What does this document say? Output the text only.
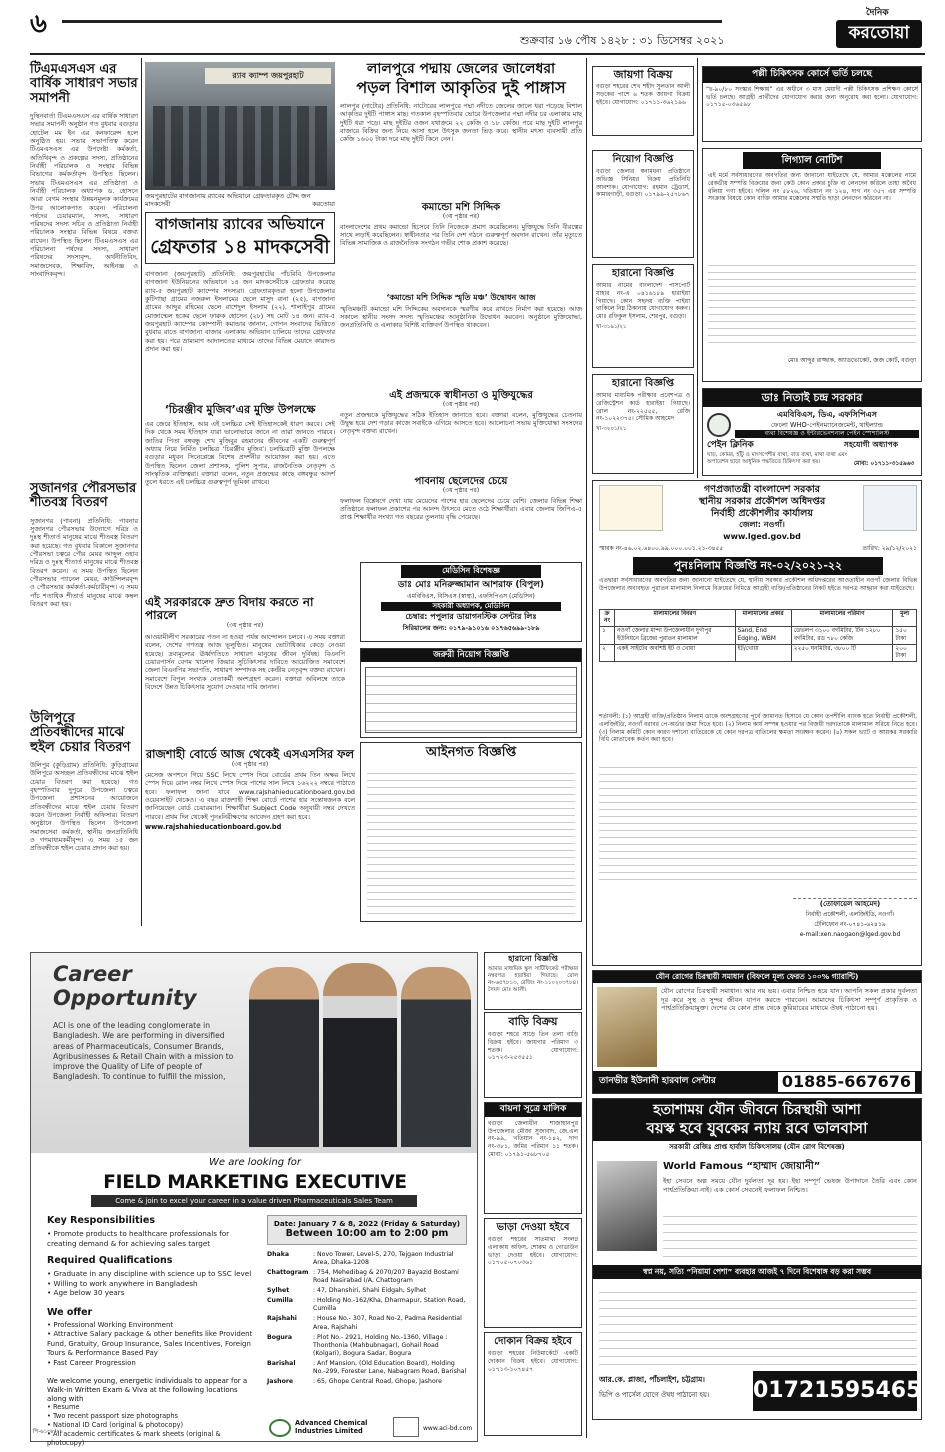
৬
শুক্রবার ১৬ পৌষ ১৪২৮ : ৩১ ডিসেম্বর ২০২১
দৈনিক
করতোয়া
টিএমএসএস এর বার্ষিক সাধারণ সভার সমাপনী
দুস্থিনবার্তা টিএমএসএস এর বার্ষিক সাধারণ সভার সমাপনী অনুষ্ঠান গত বুধবার বগুড়ার হোটেল মম ইন এর কনফারেন্স হলে অনুষ্ঠিত হয়। সভার সভাপতিত্ব করেন টিএমএসএস এর উপদেষ্টা কর্মকর্তা, অতিথিবৃন্দ ও প্রকল্পের সদস্য, প্রতিষ্ঠানের নির্বাহী পরিচালক ও সংস্থার বিভিন্ন বিভাগের কর্মকর্তাবৃন্দ উপস্থিত ছিলেন। সভায় টিএমএসএস এর প্রতিষ্ঠাতা ও নির্বাহী পরিচালক অধ্যাপক ড. হোসনে আরা বেগম সংস্থার উন্নয়নমূলক কার্যক্রমের উপর আলোকপাত করেন। পরিচালনা পর্ষদের চেয়ারম্যান, সদস্য, সাধারণ পরিষদের সদস্য সচিব ও প্রতিষ্ঠাতা নির্বাহী পরিচালক সংস্থার বিভিন্ন বিষয়ে বক্তব্য রাখেন। উপস্থিত ছিলেন টিএমএসএস এর পরিচালনা পর্ষদের সদস্য, সাধারণ পরিষদের সদস্যবৃন্দ, অর্থনীতিবিদ, সমাজসেবক, শিক্ষাবিদ, আইনজ্ঞ ও সাংবাদিকবৃন্দ।
সুজানগর পৌরসভার শীতবস্ত্র বিতরণ
সুজানগর (পাবনা) প্রতিনিধি: পাবনার সুজানগর পৌরসভার উদ্যোগে দরিদ্র ও দুঃস্থ শীতার্ত মানুষের মাঝে শীতবস্ত্র বিতরণ করা হয়েছে। গত বুধবার বিকালে সুজানগর পৌরসভা চত্বরে পৌর মেয়র আব্দুল ওহাব দরিদ্র ও দুঃস্থ শীতার্ত মানুষের মাঝে শীতবস্ত্র বিতরণ করেন। এ সময় উপস্থিত ছিলেন পৌরসভার প্যানেল মেয়র, কাউন্সিলরবৃন্দ ও পৌরসভার কর্মকর্তা-কর্মচারীবৃন্দ। এ সময় পাঁচ শতাধিক শীতার্ত মানুষের মাঝে কম্বল বিতরণ করা হয়।
উলিপুরে প্রতিবন্ধীদের মাঝে হুইল চেয়ার বিতরণ
উলিপুর (কুড়িগ্রাম) প্রতিনিধি: কুড়িগ্রামের উলিপুরে অসচ্ছল প্রতিবন্ধীদের মাঝে হুইল চেয়ার বিতরণ করা হয়েছে। গত বৃহস্পতিবার দুপুরে উপজেলা চত্বরে উপজেলা প্রশাসনের আয়োজনে প্রতিবন্ধীদের মাঝে হুইল চেয়ার বিতরণ করেন উপজেলা নির্বাহী অফিসার। বিতরণ অনুষ্ঠানে উপস্থিত ছিলেন উপজেলা সমাজসেবা কর্মকর্তা, স্থানীয় জনপ্রতিনিধি ও গণমাধ্যমকর্মীবৃন্দ। এ সময় ১৫ জন প্রতিবন্ধীকে হুইল চেয়ার প্রদান করা হয়।
র‌্যাব ক্যাম্প জয়পুরহাট
জয়পুরহাটের বাগজানায় র‌্যাবের অভিযানে গ্রেফতারকৃত চৌদ্দ জন মাদকসেবী	করতোয়া
বাগজানায় র‌্যাবের অভিযানে
গ্রেফতার ১৪ মাদকসেবী
বাগজানা (জয়পুরহাট) প্রতিনিধি: জয়পুরহাটের পাঁচবিবি উপজেলার বাগজানা ইউনিয়নের অভিযানে ১৪ জন মাদকসেবীকে গ্রেফতার করেছে র‌্যাব-৫ জয়পুরহাট ক্যাম্পের সদস্যরা। গ্রেফতারকৃতরা হলো উপজেলার কুটিগাছা গ্রামের নজরুল ইসলামের ছেলে মাসুদ রানা (২৫), বাগজানা গ্রামের আব্দুর রহিমের ছেলে রাশেদুল ইসলাম (২২), শালাইপুর গ্রামের মোজাম্মেল হকের ছেলে ফারুক হোসেন (২৮) সহ মোট ১৪ জন। র‌্যাব-৫ জয়পুরহাট ক্যাম্পের কোম্পানী কমান্ডার জানান, গোপন সংবাদের ভিত্তিতে বুধবার রাতে বাগজানা বাজার এলাকায় অভিযান চালিয়ে তাদের গ্রেফতার করা হয়। পরে ভ্রাম্যমাণ আদালতের মাধ্যমে তাদের বিভিন্ন মেয়াদে কারাদণ্ড প্রদান করা হয়।
‘চিরঞ্জীব মুজিব’এর মুক্তি উপলক্ষে
এর জেরে ইতিহাস, আর এই চলচ্চিত্র সেই ইতিহাসকেই ধারণ করবে। সেই দিক থেকে সময় ইতিহাস যারা ভালোভাবে জানে না তারা জানতে পারবে। জাতির পিতা বঙ্গবন্ধু শেখ মুজিবুর রহমানের জীবনের একটি গুরুত্বপূর্ণ অধ্যায় নিয়ে নির্মিত চলচ্চিত্র ‘চিরঞ্জীব মুজিব’। চলচ্চিত্রটি মুক্তি উপলক্ষে বগুড়ার মধুবন সিনেপ্লেক্সে বিশেষ প্রদর্শনীর আয়োজন করা হয়। এতে উপস্থিত ছিলেন জেলা প্রশাসক, পুলিশ সুপার, রাজনৈতিক নেতৃবৃন্দ ও সাংস্কৃতিক ব্যক্তিত্বরা। বক্তারা বলেন, নতুন প্রজন্মের কাছে বঙ্গবন্ধুর আদর্শ তুলে ধরতে এই চলচ্চিত্র গুরুত্বপূর্ণ ভূমিকা রাখবে।
এই সরকারকে দ্রুত বিদায় করতে না পারলে
(৩য় পৃষ্ঠার পর)
আওয়ামীলীগ সরকারের পতন না হওয়া পর্যন্ত আন্দোলন চলবে। এ সময় বক্তারা বলেন, দেশের গণতন্ত্র আজ ভূলুণ্ঠিত। মানুষের ভোটাধিকার কেড়ে নেওয়া হয়েছে। দ্রব্যমূল্যের ঊর্ধ্বগতিতে সাধারণ মানুষের জীবন দুর্বিষহ। বিএনপি চেয়ারপার্সন বেগম খালেদা জিয়ার সুচিকিৎসার দাবিতে আয়োজিত সমাবেশে জেলা বিএনপির সভাপতি, সাধারণ সম্পাদক সহ কেন্দ্রীয় নেতৃবৃন্দ বক্তব্য রাখেন। সমাবেশে বিপুল সংখ্যক নেতাকর্মী অংশগ্রহণ করেন। বক্তারা অবিলম্বে তাকে বিদেশে উন্নত চিকিৎসার সুযোগ দেওয়ার দাবি জানান।
রাজশাহী বোর্ডে আজ থেকেই এসএসসির ফল
(৩য় পৃষ্ঠার পর)
মেসেজ অপশনে গিয়ে SSC লিখে স্পেস দিয়ে বোর্ডের প্রথম তিন অক্ষর লিখে স্পেস দিয়ে রোল নম্বর লিখে স্পেস দিয়ে পাশের সাল লিখে ১৬২২২ নম্বরে পাঠাতে হবে। ফলাফল জানা যাবে www.rajshahieducationboard.gov.bd ওয়েবসাইট থেকেও। এ বছর রাজশাহী শিক্ষা বোর্ডে পাশের হার সন্তোষজনক বলে জানিয়েছেন বোর্ড চেয়ারম্যান। শিক্ষার্থীরা Subject Code অনুযায়ী নম্বর দেখতে পারবে। প্রথম দিন থেকেই পুনঃনিরীক্ষণের আবেদন গ্রহণ করা হবে।
www.rajshahieducationboard.gov.bd
লালপুরে পদ্মায় জেলের জালেধরা
পড়ল বিশাল আকৃতির দুই পাঙ্গাস
লালপুর (নাটোর) প্রতিনিধি: নাটোরের লালপুরে পদ্মা নদীতে জেলের জালে ধরা পড়েছে বিশাল আকৃতির দুইটি পাঙ্গাস মাছ। গতকাল বৃহস্পতিবার ভোরে উপজেলার পদ্মা নদীর চর এলাকায় মাছ দুইটি ধরা পড়ে। মাছ দুইটির ওজন যথাক্রমে ২২ কেজি ও ১৮ কেজি। পরে মাছ দুইটি লালপুর বাজারে বিক্রির জন্য নিয়ে আসা হলে উৎসুক জনতা ভিড় করে। স্থানীয় মৎস্য ব্যবসায়ী প্রতি কেজি ১৬০০ টাকা দরে মাছ দুইটি কিনে নেন।
কমান্ডো মশি সিদ্দিক
(৩য় পৃষ্ঠার পর)
বাংলাদেশের প্রথম কমান্ডো হিসেবে তিনি নিজেকে প্রমাণ করেছিলেন। মুক্তিযুদ্ধে তিনি বীরত্বের সাথে লড়াই করেছিলেন। স্বাধীনতার পর তিনি দেশ গঠনে গুরুত্বপূর্ণ অবদান রাখেন। তাঁর মৃত্যুতে বিভিন্ন সামাজিক ও রাজনৈতিক সংগঠন গভীর শোক প্রকাশ করেছে।
‘কমান্ডো মশি সিদ্দিক স্মৃতি মঞ্চ’ উদ্বোধন আজ
স্মৃতিমঞ্চটি কমান্ডো মশি সিদ্দিকের অবদানকে স্মরণীয় করে রাখতে নির্মাণ করা হয়েছে। আজ সকালে স্থানীয় সংসদ সদস্য স্মৃতিমঞ্চের আনুষ্ঠানিক উদ্বোধন করবেন। অনুষ্ঠানে মুক্তিযোদ্ধা, জনপ্রতিনিধি ও এলাকার বিশিষ্ট ব্যক্তিবর্গ উপস্থিত থাকবেন।
এই প্রজন্মকে স্বাধীনতা ও মুক্তিযুদ্ধের
(৩য় পৃষ্ঠার পর)
নতুন প্রজন্মকে মুক্তিযুদ্ধের সঠিক ইতিহাস জানাতে হবে। বক্তারা বলেন, মুক্তিযুদ্ধের চেতনায় উদ্বুদ্ধ হয়ে দেশ গড়ার কাজে সবাইকে এগিয়ে আসতে হবে। আলোচনা সভায় মুক্তিযোদ্ধা সংসদের নেতৃবৃন্দ বক্তব্য রাখেন।
পাবনায় ছেলেদের চেয়ে
(৩য় পৃষ্ঠার পর)
ফলাফল বিশ্লেষণে দেখা যায় মেয়েদের পাশের হার ছেলেদের চেয়ে বেশি। জেলার বিভিন্ন শিক্ষা প্রতিষ্ঠানে ফলাফল প্রকাশের পর আনন্দ উৎসবে মেতে ওঠে শিক্ষার্থীরা। এবার জেলায় জিপিএ-৫ প্রাপ্ত শিক্ষার্থীর সংখ্যা গত বছরের তুলনায় বৃদ্ধি পেয়েছে।
মেডিসিন বিশেষজ্ঞ
ডাঃ মোঃ মনিরুজ্জামান আশরাফ (বিপুল)
এমবিবিএস, বিসিএস (স্বাস্থ্য), এফসিপিএস (মেডিসিন)
সহকারী অধ্যাপক, মেডিসিন
চেম্বার: পপুলার ডায়াগনস্টিক সেন্টার লিঃ
সিরিয়ালের জন্য: ০১৭৯-৯১০১৬ ০১৭৬৫৬৯৯-১৮৯
জরুরী নিয়োগ বিজ্ঞপ্তি
আইনগত বিজ্ঞপ্তি
জায়গা বিক্রয়
বগুড়া শহরের শেখ শহীদ সুলতান আলী সড়কের পাশে ৬ শতক জায়গা বিক্রয় হইবে। যোগাযোগ: ০১৭১১-৩৬২১৯৬
নিয়োগ বিজ্ঞপ্তি
বগুড়া জেলার স্বনামধন্য প্রতিষ্ঠানে অভিজ্ঞ সিনিয়র বিক্রয় প্রতিনিধি আবশ্যক। যোগাযোগ: রহমান ট্রেডার্স, কামারগাড়ী, বগুড়া। ০১৭৯৯-২৫৭৮৬৭
হারানো বিজ্ঞপ্তি
আমার নামের বাংলাদেশ পাসপোর্ট যাহার নং-এ ০৪১৬১৮৯ হারাইয়া গিয়াছে। কোন সহৃদয় ব্যক্তি পাইয়া থাকিলে নিম্ন ঠিকানায় যোগাযোগ করুন। মোঃ রফিকুল ইসলাম, শেরপুর, বগুড়া।
খা-৩১৯১/২১
হারানো বিজ্ঞপ্তি
আমার মাধ্যমিক পরীক্ষার প্রবেশপত্র ও রেজিস্ট্রেশন কার্ড হারাইয়া গিয়াছে। রোল নং-২২৫৫৫, রেজি নং-১০২২৩৭৫। সৌমিক আহমেদ
খা-৩২০১/২১
পল্লী চিকিৎসক কোর্সে ভর্তি চলছে
“চ-৯০/৮০ সংস্কার শিক্ষায়” এর অধীনে ৩ মাস মেয়াদী পল্লী চিকিৎসক প্রশিক্ষণ কোর্সে ভর্তি চলছে। আগ্রহী প্রার্থীদের যোগাযোগ করার জন্য অনুরোধ করা হলো। যোগাযোগ: ০১৭১৫-০৩৬৫৯৮
লিগ্যাল নোটিশ
এই মর্মে সর্বসাধারণের অবগতির জন্য জানানো যাইতেছে যে, আমার মক্কেলের নামে রেকর্ডীয় সম্পত্তি বিক্রয়ের জন্য কেউ কোন প্রকার চুক্তি বা লেনদেন করিলে তাহা অবৈধ বলিয়া গণ্য হইবে। দলিল নং ৫৮২৬, খতিয়ান নং ১২৪, দাগ নং ৩৫৭ এর সম্পত্তি সংক্রান্ত বিষয়ে কোন ব্যক্তি আমার মক্কেলের সম্মতি ছাড়া লেনদেন করিবেন না।
মোঃ আব্দুর রাজ্জাক, অ্যাডভোকেট, জজ কোর্ট, বগুড়া
ডাঃ নিতাই চন্দ্র সরকার
এমবিবিএস, ডিএ, এফসিপিএস
ফেলো WHO-পেইনম্যানেজমেন্ট, থাইল্যান্ড
ব্যথা বিশেষজ্ঞ ও ইন্টারভেনশনাল পেইন স্পেশালিস্ট
পেইন ক্লিনিক	সহযোগী অধ্যাপক
ঘাড়, কোমর, হাঁটু ও মাংসপেশীর ব্যথা, বাত ব্যথা, মাথা ব্যথা এবং অপারেশন ছাড়া আধুনিক পদ্ধতিতে চিকিৎসা করা হয়।	মোবা: ০১৭১১-৩১৫৯৬৩
গণপ্রজাতন্ত্রী বাংলাদেশ সরকার
স্থানীয় সরকার প্রকৌশল অধিদপ্তর
নির্বাহী প্রকৌশলীর কার্যালয়
জেলা: নওগাঁ।
www.lged.gov.bd
স্মারক নং-৪৬.০২.৬৪০০.৯৯.০০০.০০১.২১-৩৪৫৫	তারিখ: ২৯/১২/২০২১
পুনঃনিলাম বিজ্ঞপ্তি নং-০২/২০২১-২২
এতদ্বারা সর্বসাধারণের অবগতির জন্য জানানো যাইতেছে যে, স্থানীয় সরকার প্রকৌশল অধিদপ্তরের আওতাধীন নওগাঁ জেলার বিভিন্ন উপজেলার অব্যবহৃত পুরাতন মালামাল নিলামে বিক্রয়ের নিমিত্তে আগ্রহী ব্যক্তি/প্রতিষ্ঠানের নিকট হইতে দরপত্র আহ্বান করা যাইতেছে।
ক্র নং	মালামালের বিবরণ	মালামালের প্রকার	মালামালের পরিমাণ	মূল্য
১	নওগাঁ জেলার মান্দা উপজেলাধীন দুর্গাপুর ইউনিয়নে ব্রিজের পুরাতন মালামাল	Sand, End Edging, WBM	ডেভলপ ৩১০০ বর্গমিটার, টিন ১২৮০ বর্গমিটার, রড ৭৮০ কেজি	১৫০ টাকা
২	একই সাইটের অবশিষ্ট ইট ও খোয়া	ইট/খোয়া	২২৫০ ঘনমিটার, ৩৮০০ টি	২০০ টাকা
শর্তাবলী: (১) আগ্রহী ব্যক্তি/প্রতিষ্ঠান নিলাম ডাকে অংশগ্রহণের পূর্বে জামানত হিসাবে যে কোন তপশীলি ব্যাংক হতে নির্বাহী প্রকৌশলী, এলজিইডি, নওগাঁ বরাবর পে-অর্ডার জমা দিতে হবে। (২) নিলাম কার্য সম্পন্ন হওয়ার পর বিজয়ী দরদাতাকে মালামাল সরিয়ে নিতে হবে। (৩) নিলাম কমিটি কোন কারণ দর্শানো ব্যতিরেকে যে কোন দরপত্র বাতিলের ক্ষমতা সংরক্ষণ করেন। (৪) সকল ভ্যাট ও আয়কর সরকারি বিধি মোতাবেক কর্তন করা হবে।
(তোফায়েল আহমেদ)
নির্বাহী প্রকৌশলী, এলজিইডি, নওগাঁ।
টেলিফোন নং-০৭৪১-৬২৪১৯
e-mail:xen.naogaon@lged.gov.bd
যৌন রোগের চিরস্থায়ী সমাধান (বিফলে মূল্য ফেরত ১০০% গ্যারান্টি)
যৌন রোগের চিরস্থায়ী সমাধান। আর নয় ভয়। এবার নিশ্চিত হয়ে যান। আপনি সকল প্রকার দুর্বলতা দূর করে সুস্থ ও সুন্দর জীবন যাপন করতে পারবেন। আমাদের চিকিৎসা সম্পূর্ণ প্রাকৃতিক ও পার্শ্বপ্রতিক্রিয়ামুক্ত। দেশের যে কোন প্রান্ত থেকে কুরিয়ারের মাধ্যমে ঔষধ পাঠানো হয়।
তানভীর ইউনানী হারবাল সেন্টার	01885-667676
হতাশাময় যৌন জীবনে চিরস্থায়ী আশা
বয়স্ক হবে যুবকের ন্যায় রবে ভালবাসা
সরকারী রেজিঃ প্রাপ্ত হার্বাল চিকিৎসালয় (যৌন রোগ বিশেষজ্ঞ)
World Famous “হাম্মাদ জোয়ানী”
ইহা সেবনে অল্প সময়ে যৌন দুর্বলতা দূর হয়। ইহা সম্পূর্ণ ভেষজ উপাদানে তৈরি এবং কোন পার্শ্বপ্রতিক্রিয়া নাই। এক কোর্স সেবনেই ফলাফল নিশ্চিত।
স্বপ্ন নয়, সত্যি “নিয়ামা পেশা” ব্যবহার আজই ৭ দিনে বিশেষাঙ্গ বড় করা সম্ভব
আর.কে. প্লাজা, পাঁচলাইশ, চট্টগ্রাম।
ভিপি ও পার্সেল যোগে ঔষধ পাঠানো হয়।	01721595465
Career
Opportunity
ACI is one of the leading conglomerate in Bangladesh. We are performing in diversified areas of Pharmaceuticals, Consumer Brands, Agribusinesses & Retail Chain with a mission to improve the Quality of Life of people of Bangladesh. To continue to fulfill the mission,
We are looking for
FIELD MARKETING EXECUTIVE
Come & join to excel your career in a value driven Pharmaceuticals Sales Team
Key Responsibilities
• Promote products to healthcare professionals for creating demand & for achieving sales target
Required Qualifications
• Graduate in any discipline with science up to SSC level
• Willing to work anywhere in Bangladesh
• Age below 30 years
We offer
• Professional Working Environment
• Attractive Salary package & other benefits like Provident Fund, Gratuity, Group Insurance, Sales Incentives, Foreign Tours & Performance Based Pay
• Fast Career Progression
We welcome young, energetic individuals to appear for a Walk-in Written Exam & Viva at the following locations along with
• Resume
• Two recent passport size photographs
• National ID Card (original & photocopy)
• All academic certificates & mark sheets (original & photocopy)
Date: January 7 & 8, 2022 (Friday & Saturday)
Between 10:00 am to 2:00 pm
Dhaka	: Novo Tower, Level-5, 270, Tejgaon Industrial Area, Dhaka-1208
Chattogram : 754, Mehedibag & 2070/207 Bayazid Bostami Road Nasirabad I/A, Chattogram
Sylhet	: 47, Dhanshiri, Shahi Eidgah, Sylhet
Cumilla	: Holding No.-162/Kha, Dharmapur, Station Road, Cumilla
Rajshahi	: House No.- 307, Road No-2, Padma Residential Area, Rajshahi
Bogura	: Plot No.- 2921, Holding No.-1360, Village : Thonthonia (Mahbubnagar), Gohail Road (Kolgari), Bogura Sadar, Bogura
Barishal	: Anf Mansion, (Old Education Board), Holding No.-299, Forester Lane, Nabagram Road, Barishal
Jashore	: 65, Ghope Central Road, Ghope, Jashore
Advanced Chemical Industries Limited	www.aci-bd.com
পি-৬১৩৮/২১
হারানো বিজ্ঞপ্তি
আমার মাধ্যমিক স্কুল সার্টিফিকেট পরীক্ষার নম্বরপত্র হারাইয়া গিয়াছে। রোল নং-৬৫৭৮১৩, রেজিঃ নং-১১০২০৩৭৮৪। সৈয়দ মোঃ আলী।
বাড়ি বিক্রয়
বগুড়া শহরে সাড়ে তিন তলা বাড়ি বিক্রয় হইবে। জায়গার পরিমাণ ৩ শতক। যোগাযোগ: ০১৭২৩-২৫৩৫৫১
বায়না সূত্রে মালিক
বগুড়া জেলাধীন শাজাহানপুর উপজেলার মৌজা সুজাবাদ, জে.এল নং-৯৯, খতিয়ান নং-১৪২, দাগ নং-৩৮১, জমির পরিমাণ ১১ শতক। মোবা: ০১৭৯১-৫৬৮৭০৫
ভাড়া দেওয়া হইবে
বগুড়া শহরের সাতমাথা সংলগ্ন এলাকায় অফিস, শোরুম ও গোডাউন ভাড়া দেওয়া হইবে। যোগাযোগ: ০১৭০৫-০৭০৩৬১
দোকান বিক্রয় হইবে
বগুড়া শহরের নিউমার্কেটে একটি দোকান বিক্রয় হইবে। যোগাযোগ: ০১৭১৩-১০৭৪৫৭
